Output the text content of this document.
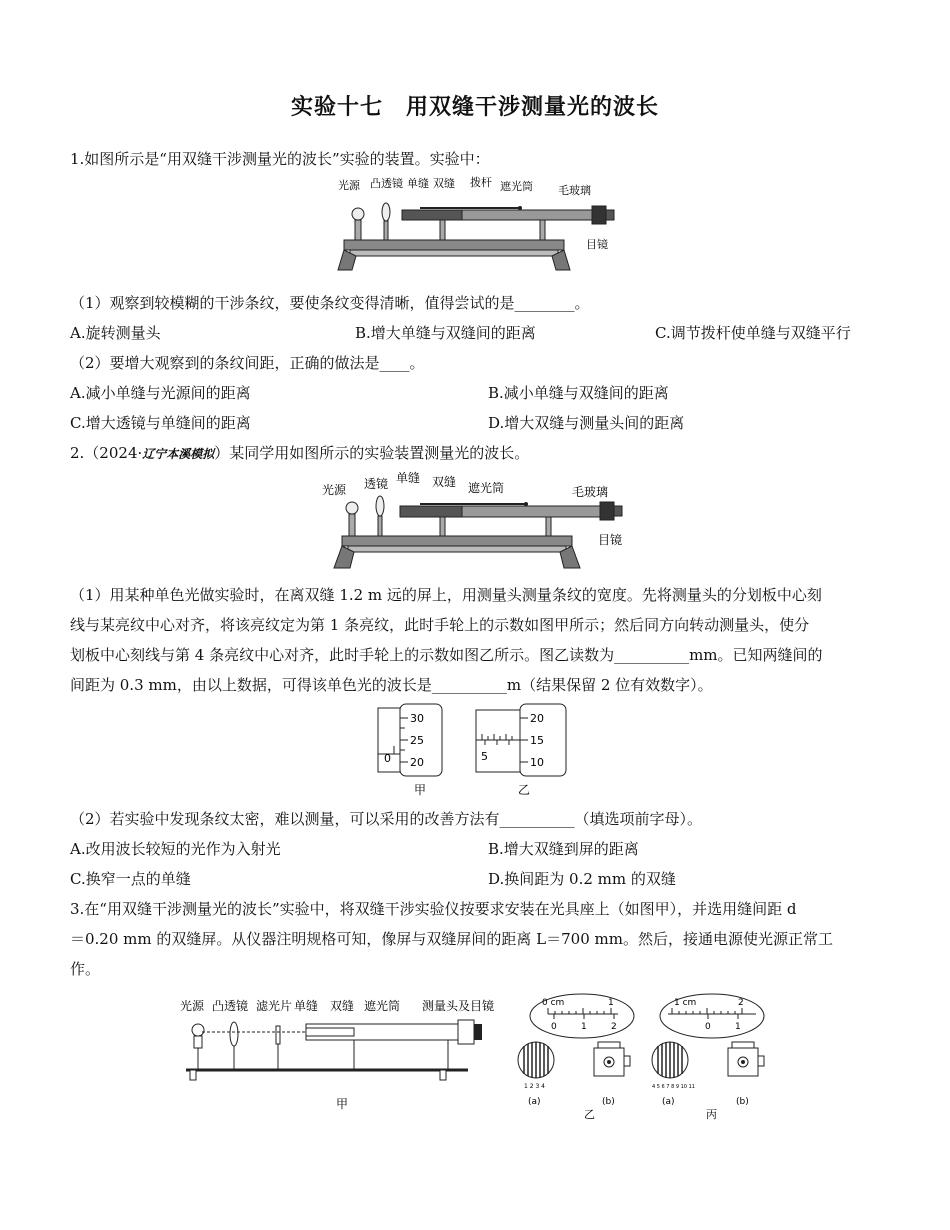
实验十七　用双缝干涉测量光的波长
1.如图所示是“用双缝干涉测量光的波长”实验的装置。实验中：
光源 凸透镜 单缝 双缝 拨杆 遮光筒 毛玻璃
目镜
（1）观察到较模糊的干涉条纹，要使条纹变得清晰，值得尝试的是________。
A.旋转测量头	B.增大单缝与双缝间的距离	C.调节拨杆使单缝与双缝平行
（2）要增大观察到的条纹间距，正确的做法是____。
A.减小单缝与光源间的距离	B.减小单缝与双缝间的距离
C.增大透镜与单缝间的距离	D.增大双缝与测量头间的距离
2.（2024·辽宁本溪模拟）某同学用如图所示的实验装置测量光的波长。
光源 透镜 单缝 双缝 遮光筒	毛玻璃
目镜
（1）用某种单色光做实验时，在离双缝 1.2 m 远的屏上，用测量头测量条纹的宽度。先将测量头的分划板中心刻
线与某亮纹中心对齐，将该亮纹定为第 1 条亮纹，此时手轮上的示数如图甲所示；然后同方向转动测量头，使分
划板中心刻线与第 4 条亮纹中心对齐，此时手轮上的示数如图乙所示。图乙读数为__________mm。已知两缝间的
间距为 0.3 mm，由以上数据，可得该单色光的波长是__________m（结果保留 2 位有效数字）。
30
25
20
0
甲
20
15
10
5
乙
（2）若实验中发现条纹太密，难以测量，可以采用的改善方法有__________（填选项前字母）。
A.改用波长较短的光作为入射光	B.增大双缝到屏的距离
C.换窄一点的单缝	D.换间距为 0.2 mm 的双缝
3.在“用双缝干涉测量光的波长”实验中，将双缝干涉实验仪按要求安装在光具座上（如图甲），并选用缝间距 d
＝0.20 mm 的双缝屏。从仪器注明规格可知，像屏与双缝屏间的距离 L＝700 mm。然后，接通电源使光源正常工
作。
光源 凸透镜 滤光片 单缝 双缝 遮光筒 测量头及目镜
甲
0 cm	1
0	1	2
1 2 3 4
(a)	(b)
乙
1 cm	2
0	1
4 5 6 7 8 9 10 11
(a)	(b)
丙
